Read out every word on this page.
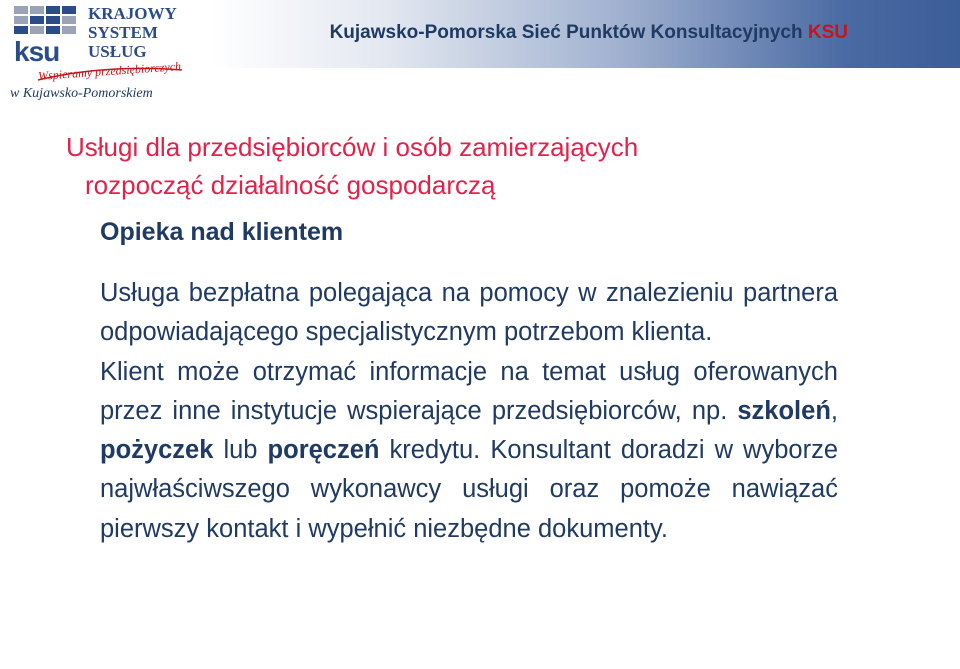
Kujawsko-Pomorska Sieć Punktów Konsultacyjnych KSU
ksu
KRAJOWY
SYSTEM
USŁUG
Wspieramy przedsiębiorczych
w Kujawsko-Pomorskiem
Usługi dla przedsiębiorców i osób zamierzających
rozpocząć działalność gospodarczą
Opieka nad klientem

Usługa bezpłatna polegająca na pomocy w znalezieniu partnera odpowiadającego specjalistycznym potrzebom klienta.

Klient może otrzymać informacje na temat usług oferowanych przez inne instytucje wspierające przedsiębiorców, np. szkoleń, pożyczek lub poręczeń kredytu. Konsultant doradzi w wyborze najwłaściwszego wykonawcy usługi oraz pomoże nawiązać pierwszy kontakt i wypełnić niezbędne dokumenty.
